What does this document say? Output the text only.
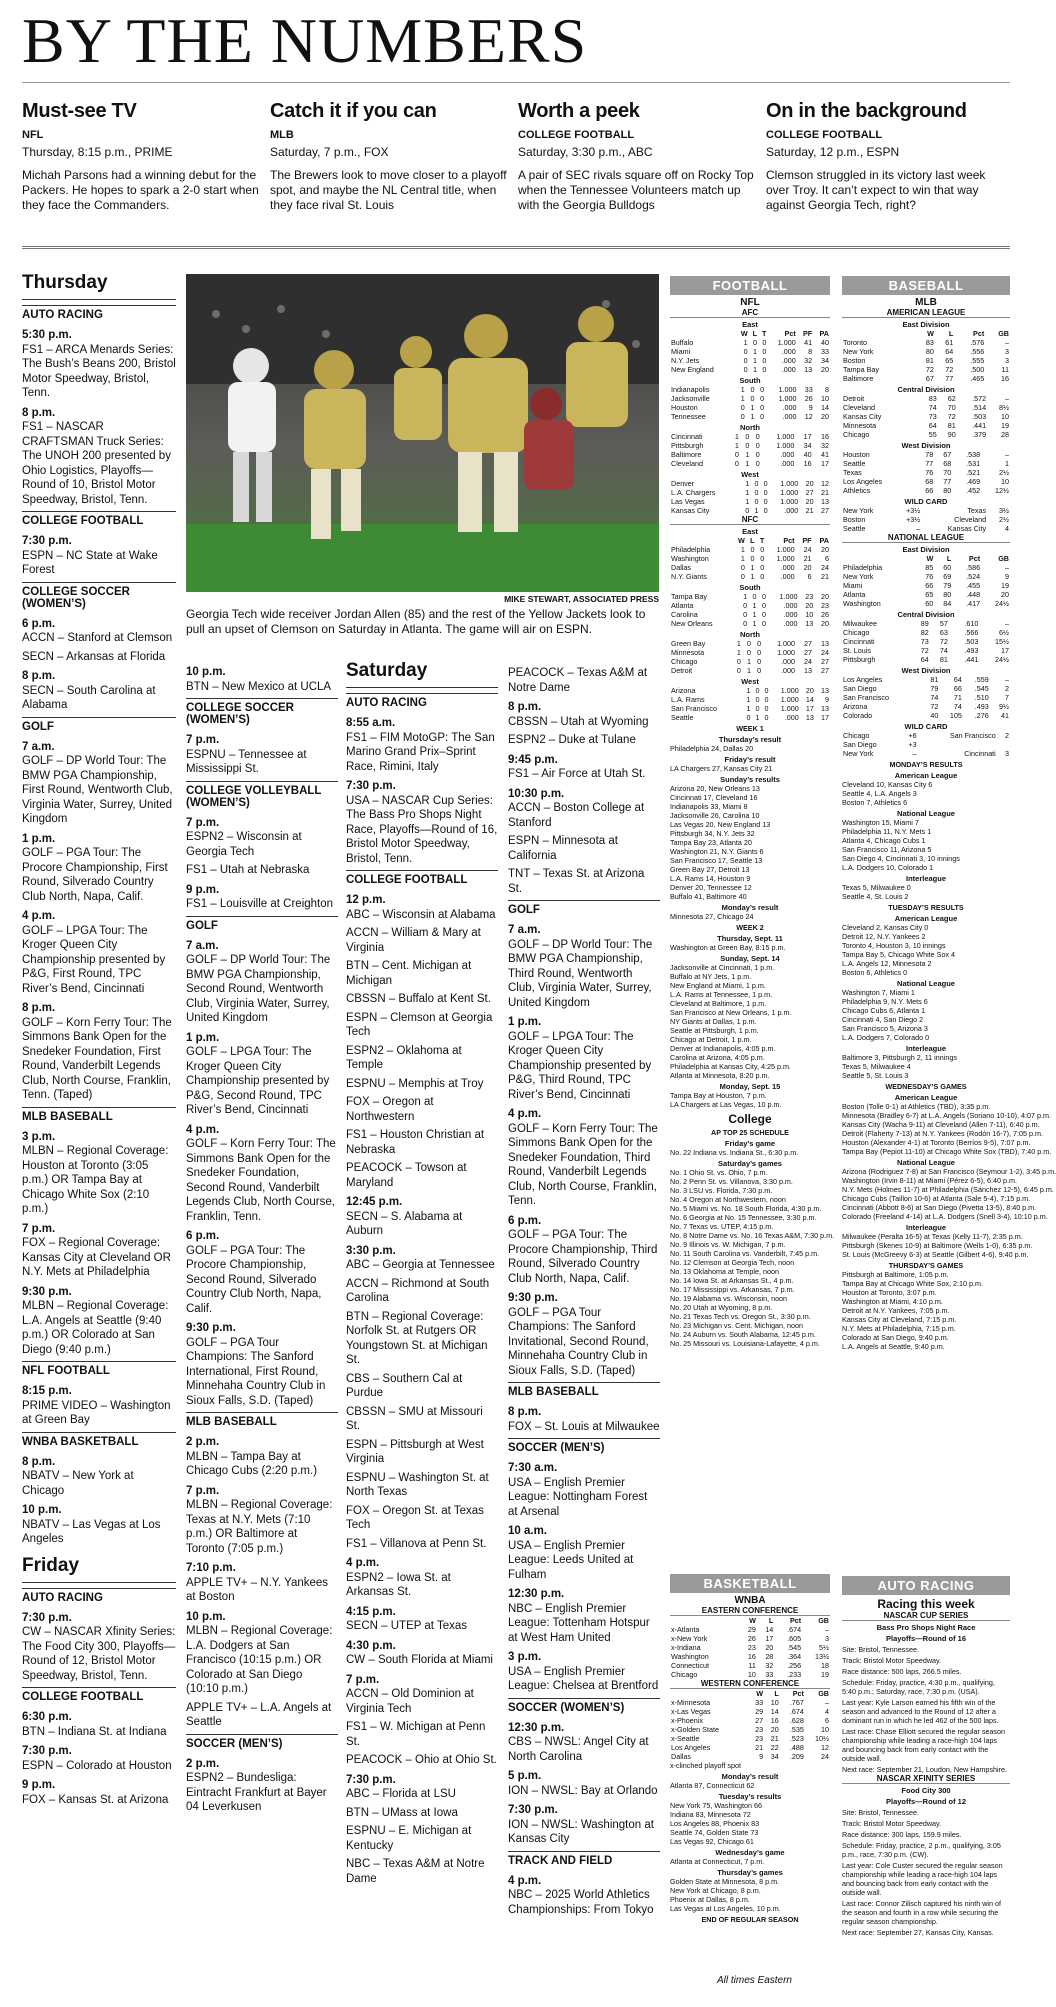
BY THE NUMBERS
Must-see TV
NFL
Thursday, 8:15 p.m., PRIME
Michah Parsons had a winning debut for the Packers. He hopes to spark a 2-0 start when they face the Commanders.
Catch it if you can
MLB
Saturday, 7 p.m., FOX
The Brewers look to move closer to a playoff spot, and maybe the NL Central title, when they face rival St. Louis
Worth a peek
COLLEGE FOOTBALL
Saturday, 3:30 p.m., ABC
A pair of SEC rivals square off on Rocky Top when the Tennessee Volunteers match up with the Georgia Bulldogs
On in the background
COLLEGE FOOTBALL
Saturday, 12 p.m., ESPN
Clemson struggled in its victory last week over Troy. It can’t expect to win that way against Georgia Tech, right?
Thursday
AUTO RACING
5:30 p.m.
FS1 – ARCA Menards Series: The Bush’s Beans 200, Bristol Motor Speedway, Bristol, Tenn.
8 p.m.
FS1 – NASCAR CRAFTSMAN Truck Series: The UNOH 200 presented by Ohio Logistics, Playoffs—Round of 10, Bristol Motor Speedway, Bristol, Tenn.
COLLEGE FOOTBALL
7:30 p.m.
ESPN – NC State at Wake Forest
COLLEGE SOCCER (WOMEN’S)
6 p.m.
ACCN – Stanford at Clemson
SECN – Arkansas at Florida
8 p.m.
SECN – South Carolina at Alabama
GOLF
7 a.m.
GOLF – DP World Tour: The BMW PGA Championship, First Round, Wentworth Club, Virginia Water, Surrey, United Kingdom
1 p.m.
GOLF – PGA Tour: The Procore Championship, First Round, Silverado Country Club North, Napa, Calif.
4 p.m.
GOLF – LPGA Tour: The Kroger Queen City Championship presented by P&G, First Round, TPC River’s Bend, Cincinnati
8 p.m.
GOLF – Korn Ferry Tour: The Simmons Bank Open for the Snedeker Foundation, First Round, Vanderbilt Legends Club, North Course, Franklin, Tenn. (Taped)
MLB BASEBALL
3 p.m.
MLBN – Regional Coverage: Houston at Toronto (3:05 p.m.) OR Tampa Bay at Chicago White Sox (2:10 p.m.)
7 p.m.
FOX – Regional Coverage: Kansas City at Cleveland OR N.Y. Mets at Philadelphia
9:30 p.m.
MLBN – Regional Coverage: L.A. Angels at Seattle (9:40 p.m.) OR Colorado at San Diego (9:40 p.m.)
NFL FOOTBALL
8:15 p.m.
PRIME VIDEO – Washington at Green Bay
WNBA BASKETBALL
8 p.m.
NBATV – New York at Chicago
10 p.m.
NBATV – Las Vegas at Los Angeles
Friday
AUTO RACING
7:30 p.m.
CW – NASCAR Xfinity Series: The Food City 300, Playoffs—Round of 12, Bristol Motor Speedway, Bristol, Tenn.
COLLEGE FOOTBALL
6:30 p.m.
BTN – Indiana St. at Indiana
7:30 p.m.
ESPN – Colorado at Houston
9 p.m.
FOX – Kansas St. at Arizona
10 p.m.
BTN – New Mexico at UCLA
COLLEGE SOCCER (WOMEN’S)
7 p.m.
ESPNU – Tennessee at Mississippi St.
COLLEGE VOLLEYBALL (WOMEN’S)
7 p.m.
ESPN2 – Wisconsin at Georgia Tech
FS1 – Utah at Nebraska
9 p.m.
FS1 – Louisville at Creighton
GOLF
7 a.m.
GOLF – DP World Tour: The BMW PGA Championship, Second Round, Wentworth Club, Virginia Water, Surrey, United Kingdom
1 p.m.
GOLF – LPGA Tour: The Kroger Queen City Championship presented by P&G, Second Round, TPC River’s Bend, Cincinnati
4 p.m.
GOLF – Korn Ferry Tour: The Simmons Bank Open for the Snedeker Foundation, Second Round, Vanderbilt Legends Club, North Course, Franklin, Tenn.
6 p.m.
GOLF – PGA Tour: The Procore Championship, Second Round, Silverado Country Club North, Napa, Calif.
9:30 p.m.
GOLF – PGA Tour Champions: The Sanford International, First Round, Minnehaha Country Club in Sioux Falls, S.D. (Taped)
MLB BASEBALL
2 p.m.
MLBN – Tampa Bay at Chicago Cubs (2:20 p.m.)
7 p.m.
MLBN – Regional Coverage: Texas at N.Y. Mets (7:10 p.m.) OR Baltimore at Toronto (7:05 p.m.)
7:10 p.m.
APPLE TV+ – N.Y. Yankees at Boston
10 p.m.
MLBN – Regional Coverage: L.A. Dodgers at San Francisco (10:15 p.m.) OR Colorado at San Diego (10:10 p.m.)
APPLE TV+ – L.A. Angels at Seattle
SOCCER (MEN’S)
2 p.m.
ESPN2 – Bundesliga: Eintracht Frankfurt at Bayer 04 Leverkusen
Saturday
AUTO RACING
8:55 a.m.
FS1 – FIM MotoGP: The San Marino Grand Prix–Sprint Race, Rimini, Italy
7:30 p.m.
USA – NASCAR Cup Series: The Bass Pro Shops Night Race, Playoffs—Round of 16, Bristol Motor Speedway, Bristol, Tenn.
COLLEGE FOOTBALL
12 p.m.
ABC – Wisconsin at Alabama
ACCN – William & Mary at Virginia
BTN – Cent. Michigan at Michigan
CBSSN – Buffalo at Kent St.
ESPN – Clemson at Georgia Tech
ESPN2 – Oklahoma at Temple
ESPNU – Memphis at Troy
FOX – Oregon at Northwestern
FS1 – Houston Christian at Nebraska
PEACOCK – Towson at Maryland
12:45 p.m.
SECN – S. Alabama at Auburn
3:30 p.m.
ABC – Georgia at Tennessee
ACCN – Richmond at South Carolina
BTN – Regional Coverage: Norfolk St. at Rutgers OR Youngstown St. at Michigan St.
CBS – Southern Cal at Purdue
CBSSN – SMU at Missouri St.
ESPN – Pittsburgh at West Virginia
ESPNU – Washington St. at North Texas
FOX – Oregon St. at Texas Tech
FS1 – Villanova at Penn St.
4 p.m.
ESPN2 – Iowa St. at Arkansas St.
4:15 p.m.
SECN – UTEP at Texas
4:30 p.m.
CW – South Florida at Miami
7 p.m.
ACCN – Old Dominion at Virginia Tech
FS1 – W. Michigan at Penn St.
PEACOCK – Ohio at Ohio St.
7:30 p.m.
ABC – Florida at LSU
BTN – UMass at Iowa
ESPNU – E. Michigan at Kentucky
NBC – Texas A&M at Notre Dame
PEACOCK – Texas A&M at Notre Dame
8 p.m.
CBSSN – Utah at Wyoming
ESPN2 – Duke at Tulane
9:45 p.m.
FS1 – Air Force at Utah St.
10:30 p.m.
ACCN – Boston College at Stanford
ESPN – Minnesota at California
TNT – Texas St. at Arizona St.
GOLF
7 a.m.
GOLF – DP World Tour: The BMW PGA Championship, Third Round, Wentworth Club, Virginia Water, Surrey, United Kingdom
1 p.m.
GOLF – LPGA Tour: The Kroger Queen City Championship presented by P&G, Third Round, TPC River’s Bend, Cincinnati
4 p.m.
GOLF – Korn Ferry Tour: The Simmons Bank Open for the Snedeker Foundation, Third Round, Vanderbilt Legends Club, North Course, Franklin, Tenn.
6 p.m.
GOLF – PGA Tour: The Procore Championship, Third Round, Silverado Country Club North, Napa, Calif.
9:30 p.m.
GOLF – PGA Tour Champions: The Sanford Invitational, Second Round, Minnehaha Country Club in Sioux Falls, S.D. (Taped)
MLB BASEBALL
8 p.m.
FOX – St. Louis at Milwaukee
SOCCER (MEN’S)
7:30 a.m.
USA – English Premier League: Nottingham Forest at Arsenal
10 a.m.
USA – English Premier League: Leeds United at Fulham
12:30 p.m.
NBC – English Premier League: Tottenham Hotspur at West Ham United
3 p.m.
USA – English Premier League: Chelsea at Brentford
SOCCER (WOMEN’S)
12:30 p.m.
CBS – NWSL: Angel City at North Carolina
5 p.m.
ION – NWSL: Bay at Orlando
7:30 p.m.
ION – NWSL: Washington at Kansas City
TRACK AND FIELD
4 p.m.
NBC – 2025 World Athletics Championships: From Tokyo
MIKE STEWART, ASSOCIATED PRESS
Georgia Tech wide receiver Jordan Allen (85) and the rest of the Yellow Jackets look to pull an upset of Clemson on Saturday in Atlanta. The game will air on ESPN.
FOOTBALL
NFL
AFC
East
	W	L	T	Pct	PF	PA
Buffalo	1	0	0	1.000	41	40
Miami	0	1	0	.000	8	33
N.Y. Jets	0	1	0	.000	32	34
New England	0	1	0	.000	13	20
South
Indianapolis	1	0	0	1.000	33	8
Jacksonville	1	0	0	1.000	26	10
Houston	0	1	0	.000	9	14
Tennessee	0	1	0	.000	12	20
North
Cincinnati	1	0	0	1.000	17	16
Pittsburgh	1	0	0	1.000	34	32
Baltimore	0	1	0	.000	40	41
Cleveland	0	1	0	.000	16	17
West
Denver	1	0	0	1.000	20	12
L.A. Chargers	1	0	0	1.000	27	21
Las Vegas	1	0	0	1.000	20	13
Kansas City	0	1	0	.000	21	27
NFC
East
	W	L	T	Pct	PF	PA
Philadelphia	1	0	0	1.000	24	20
Washington	1	0	0	1.000	21	6
Dallas	0	1	0	.000	20	24
N.Y. Giants	0	1	0	.000	6	21
South
Tampa Bay	1	0	0	1.000	23	20
Atlanta	0	1	0	.000	20	23
Carolina	0	1	0	.000	10	26
New Orleans	0	1	0	.000	13	20
North
Green Bay	1	0	0	1.000	27	13
Minnesota	1	0	0	1.000	27	24
Chicago	0	1	0	.000	24	27
Detroit	0	1	0	.000	13	27
West
Arizona	1	0	0	1.000	20	13
L.A. Rams	1	0	0	1.000	14	9
San Francisco	1	0	0	1.000	17	13
Seattle	0	1	0	.000	13	17
WEEK 1
Thursday’s result
Philadelphia 24, Dallas 20
Friday’s result
LA Chargers 27, Kansas City 21
Sunday’s results
Arizona 20, New Orleans 13
Cincinnati 17, Cleveland 16
Indianapolis 33, Miami 8
Jacksonville 26, Carolina 10
Las Vegas 20, New England 13
Pittsburgh 34, N.Y. Jets 32
Tampa Bay 23, Atlanta 20
Washington 21, N.Y. Giants 6
San Francisco 17, Seattle 13
Green Bay 27, Detroit 13
L.A. Rams 14, Houston 9
Denver 20, Tennessee 12
Buffalo 41, Baltimore 40
Monday’s result
Minnesota 27, Chicago 24
WEEK 2
Thursday, Sept. 11
Washington at Green Bay, 8:15 p.m.
Sunday, Sept. 14
Jacksonville at Cincinnati, 1 p.m.
Buffalo at NY Jets, 1 p.m.
New England at Miami, 1 p.m.
L.A. Rams at Tennessee, 1 p.m.
Cleveland at Baltimore, 1 p.m.
San Francisco at New Orleans, 1 p.m.
NY Giants at Dallas, 1 p.m.
Seattle at Pittsburgh, 1 p.m.
Chicago at Detroit, 1 p.m.
Denver at Indianapolis, 4:05 p.m.
Carolina at Arizona, 4:05 p.m.
Philadelphia at Kansas City, 4:25 p.m.
Atlanta at Minnesota, 8:20 p.m.
Monday, Sept. 15
Tampa Bay at Houston, 7 p.m.
LA Chargers at Las Vegas, 10 p.m.
College
AP TOP 25 SCHEDULE
Friday’s game
No. 22 Indiana vs. Indiana St., 6:30 p.m.
Saturday’s games
No. 1 Ohio St. vs. Ohio, 7 p.m.
No. 2 Penn St. vs. Villanova, 3:30 p.m.
No. 3 LSU vs. Florida, 7:30 p.m.
No. 4 Oregon at Northwestern, noon
No. 5 Miami vs. No. 18 South Florida, 4:30 p.m.
No. 6 Georgia at No. 15 Tennessee, 3:30 p.m.
No. 7 Texas vs. UTEP, 4:15 p.m.
No. 8 Notre Dame vs. No. 16 Texas A&M, 7:30 p.m.
No. 9 Illinois vs. W. Michigan, 7 p.m.
No. 11 South Carolina vs. Vanderbilt, 7:45 p.m.
No. 12 Clemson at Georgia Tech, noon
No. 13 Oklahoma at Temple, noon
No. 14 Iowa St. at Arkansas St., 4 p.m.
No. 17 Mississippi vs. Arkansas, 7 p.m.
No. 19 Alabama vs. Wisconsin, noon
No. 20 Utah at Wyoming, 8 p.m.
No. 21 Texas Tech vs. Oregon St., 3:30 p.m.
No. 23 Michigan vs. Cent. Michigan, noon
No. 24 Auburn vs. South Alabama, 12:45 p.m.
No. 25 Missouri vs. Louisiana-Lafayette, 4 p.m.
BASKETBALL
WNBA
EASTERN CONFERENCE
	W	L	Pct	GB
x-Atlanta	29	14	.674	–
x-New York	26	17	.605	3
x-Indiana	23	20	.545	5½
Washington	16	28	.364	13½
Connecticut	11	32	.256	18
Chicago	10	33	.233	19
WESTERN CONFERENCE
	W	L	Pct	GB
x-Minnesota	33	10	.767	–
x-Las Vegas	29	14	.674	4
x-Phoenix	27	16	.628	6
x-Golden State	23	20	.535	10
x-Seattle	23	21	.523	10½
Los Angeles	21	22	.488	12
Dallas	9	34	.209	24
x-clinched playoff spot
Monday’s result
Atlanta 87, Connecticut 62
Tuesday’s results
New York 75, Washington 66
Indiana 83, Minnesota 72
Los Angeles 88, Phoenix 83
Seattle 74, Golden State 73
Las Vegas 92, Chicago 61
Wednesday’s game
Atlanta at Connecticut, 7 p.m.
Thursday’s games
Golden State at Minnesota, 8 p.m.
New York at Chicago, 8 p.m.
Phoenix at Dallas, 8 p.m.
Las Vegas at Los Angeles, 10 p.m.
END OF REGULAR SEASON
BASEBALL
MLB
AMERICAN LEAGUE
East Division
	W	L	Pct	GB
Toronto	83	61	.576	–
New York	80	64	.556	3
Boston	81	65	.555	3
Tampa Bay	72	72	.500	11
Baltimore	67	77	.465	16
Central Division
Detroit	83	62	.572	–
Cleveland	74	70	.514	8½
Kansas City	73	72	.503	10
Minnesota	64	81	.441	19
Chicago	55	90	.379	28
West Division
Houston	78	67	.538	–
Seattle	77	68	.531	1
Texas	76	70	.521	2½
Los Angeles	68	77	.469	10
Athletics	66	80	.452	12½
WILD CARD
New York	+3½	Texas		3½
Boston	+3½	Cleveland		2½
Seattle	–	Kansas City		4
NATIONAL LEAGUE
East Division
	W	L	Pct	GB
Philadelphia	85	60	.586	–
New York	76	69	.524	9
Miami	66	79	.455	19
Atlanta	65	80	.448	20
Washington	60	84	.417	24½
Central Division
Milwaukee	89	57	.610	–
Chicago	82	63	.566	6½
Cincinnati	73	72	.503	15½
St. Louis	72	74	.493	17
Pittsburgh	64	81	.441	24½
West Division
Los Angeles	81	64	.559	–
San Diego	79	66	.545	2
San Francisco	74	71	.510	7
Arizona	72	74	.493	9½
Colorado	40	105	.276	41
WILD CARD
Chicago	+6	San Francisco		2
San Diego	+3			
New York	–	Cincinnati		3
MONDAY’S RESULTS
American League
Cleveland 10, Kansas City 6
Seattle 4, L.A. Angels 3
Boston 7, Athletics 6
National League
Washington 15, Miami 7
Philadelphia 11, N.Y. Mets 1
Atlanta 4, Chicago Cubs 1
San Francisco 11, Arizona 5
San Diego 4, Cincinnati 3, 10 innings
L.A. Dodgers 10, Colorado 1
Interleague
Texas 5, Milwaukee 0
Seattle 4, St. Louis 2
TUESDAY’S RESULTS
American League
Cleveland 2, Kansas City 0
Detroit 12, N.Y. Yankees 2
Toronto 4, Houston 3, 10 innings
Tampa Bay 5, Chicago White Sox 4
L.A. Angels 12, Minnesota 2
Boston 6, Athletics 0
National League
Washington 7, Miami 1
Philadelphia 9, N.Y. Mets 6
Chicago Cubs 6, Atlanta 1
Cincinnati 4, San Diego 2
San Francisco 5, Arizona 3
L.A. Dodgers 7, Colorado 0
Interleague
Baltimore 3, Pittsburgh 2, 11 innings
Texas 5, Milwaukee 4
Seattle 5, St. Louis 3
WEDNESDAY’S GAMES
American League
Boston (Tolle 0-1) at Athletics (TBD), 3:35 p.m.
Minnesota (Bradley 6-7) at L.A. Angels (Soriano 10-10), 4:07 p.m.
Kansas City (Wacha 9-11) at Cleveland (Allen 7-11), 6:40 p.m.
Detroit (Flaherty 7-13) at N.Y. Yankees (Rodón 16-7), 7:05 p.m.
Houston (Alexander 4-1) at Toronto (Berríos 9-5), 7:07 p.m.
Tampa Bay (Pepiot 11-10) at Chicago White Sox (TBD), 7:40 p.m.
National League
Arizona (Rodriguez 7-8) at San Francisco (Seymour 1-2), 3:45 p.m.
Washington (Irvin 8-11) at Miami (Pérez 6-5), 6:40 p.m.
N.Y. Mets (Holmes 11-7) at Philadelphia (Sánchez 12-5), 6:45 p.m.
Chicago Cubs (Taillon 10-6) at Atlanta (Sale 5-4), 7:15 p.m.
Cincinnati (Abbott 8-6) at San Diego (Pivetta 13-5), 8:40 p.m.
Colorado (Freeland 4-14) at L.A. Dodgers (Snell 3-4), 10:10 p.m.
Interleague
Milwaukee (Peralta 16-5) at Texas (Kelly 11-7), 2:35 p.m.
Pittsburgh (Skenes 10-9) at Baltimore (Wells 1-0), 6:35 p.m.
St. Louis (McGreevy 6-3) at Seattle (Gilbert 4-6), 9:40 p.m.
THURSDAY’S GAMES
Pittsburgh at Baltimore, 1:05 p.m.
Tampa Bay at Chicago White Sox, 2:10 p.m.
Houston at Toronto, 3:07 p.m.
Washington at Miami, 4:10 p.m.
Detroit at N.Y. Yankees, 7:05 p.m.
Kansas City at Cleveland, 7:15 p.m.
N.Y. Mets at Philadelphia, 7:15 p.m.
Colorado at San Diego, 9:40 p.m.
L.A. Angels at Seattle, 9:40 p.m.
AUTO RACING
Racing this week
NASCAR CUP SERIES
Bass Pro Shops Night Race
Playoffs—Round of 16
Site: Bristol, Tennessee.
Track: Bristol Motor Speedway.
Race distance: 500 laps, 266.5 miles.
Schedule: Friday, practice, 4:30 p.m., qualifying, 5:40 p.m.; Saturday, race, 7:30 p.m. (USA).
Last year: Kyle Larson earned his fifth win of the season and advanced to the Round of 12 after a dominant run in which he led 462 of the 500 laps.
Last race: Chase Elliott secured the regular season championship while leading a race-high 104 laps and bouncing back from early contact with the outside wall.
Next race: September 21, Loudon, New Hampshire.
NASCAR XFINITY SERIES
Food City 300
Playoffs—Round of 12
Site: Bristol, Tennessee.
Track: Bristol Motor Speedway.
Race distance: 300 laps, 159.9 miles.
Schedule: Friday, practice, 2 p.m., qualifying, 3:05 p.m., race, 7:30 p.m. (CW).
Last year: Cole Custer secured the regular season championship while leading a race-high 104 laps and bouncing back from early contact with the outside wall.
Last race: Connor Zilisch captured his ninth win of the season and fourth in a row while securing the regular season championship.
Next race: September 27, Kansas City, Kansas.
All times Eastern
